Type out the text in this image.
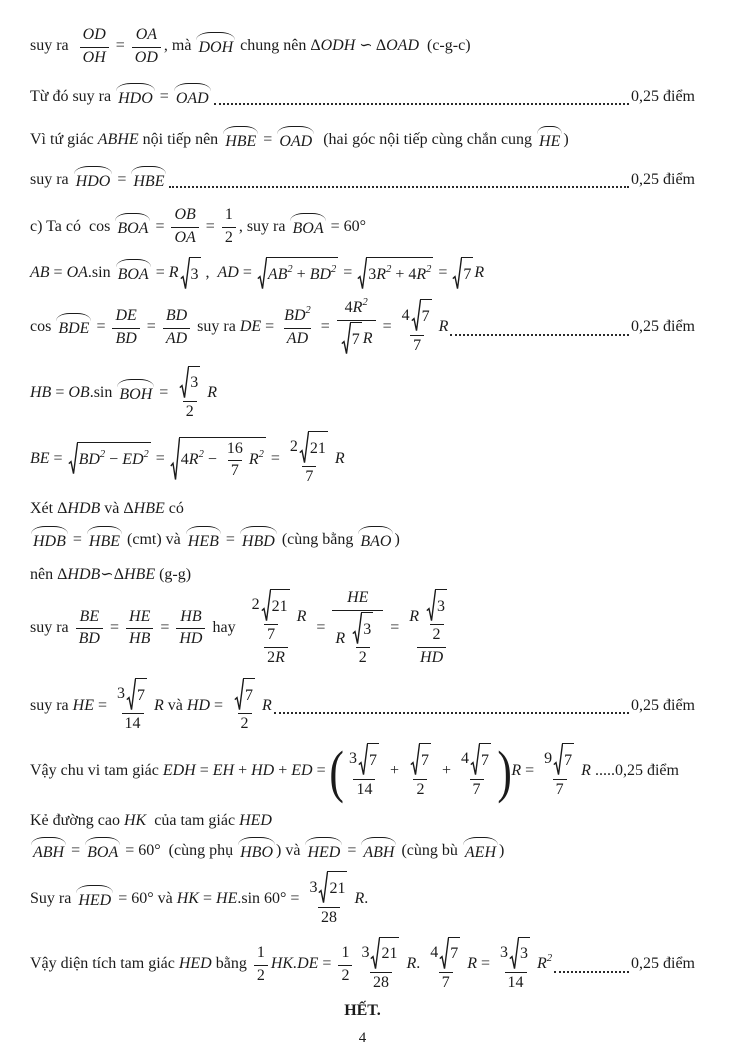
suy ra $\frac{OD}{OH} = \frac{OA}{OD}$ , mà DOH chung nên Δ ODH ∽ Δ OAD (c-g-c)
Từ đó suy ra HDO = OAD	0,25 điểm
Vì tứ giác ABHE nội tiếp nên HBE = OAD (hai góc nội tiếp cùng chắn cung HE )
suy ra HDO = HBE	0,25 điểm
c) Ta có  cos BOA = $\frac{OB}{OA} = \frac{1}{2}$ , suy ra BOA = 60°
AB = OA .sin BOA = R 3 , AD = $AB^2 + BD^2 = 3$ $R^2 + 4$ $R^2 = 7$ R
cos BDE = $\frac{DE}{BD} = \frac{BD}{AD}$ suy ra DE = $\frac{BD^2}{AD} = \frac{4 R^2}{7 R} = \frac{4 7}{7}$ R	0,25 điểm
HB = OB .sin BOH = $\frac{3}{2}$ R
BE = $BD^2 - ED^2 = 4$ $R^2 - \frac{16}{7} R^2 = \frac{2 21}{7}$ R
Xét Δ HDB và Δ HBE có
HDB = HBE (cmt) và HEB = HBD (cùng bằng BAO )
nên Δ HDB ∽Δ HBE (g-g)
suy ra $\frac{BE}{BD} = \frac{HE}{HB} = \frac{HB}{HD}$ hay $\frac{\frac{2 21}{7} R}{2 R} = \frac{HE}{R \frac{3}{2}} = \frac{R \frac{3}{2}}{HD}$
suy ra HE = $\frac{3 7}{14}$ R và HD = $\frac{7}{2}$ R	0,25 điểm
Vậy chu vi tam giác EDH = EH + HD + ED = ( $\frac{3 7}{14} + \frac{7}{2} + \frac{4 7}{7}$ ) $R = \frac{9 7}{7}$ R .....0,25 điểm
Kẻ đường cao HK của tam giác HED
ABH = BOA = 60°  (cùng phụ HBO ) và HED = ABH (cùng bù AEH )
Suy ra HED = 60° và HK = HE .sin $60^\circ = \frac{3 21}{28}$ R .
Vậy diện tích tam giác HED bằng $\frac{1}{2} HK.DE = \frac{1}{2} \frac{3 21}{28}$ R . $\frac{4 7}{7}$ $R = \frac{3 3}{14} R^2$	0,25 điểm
HẾT.
4
